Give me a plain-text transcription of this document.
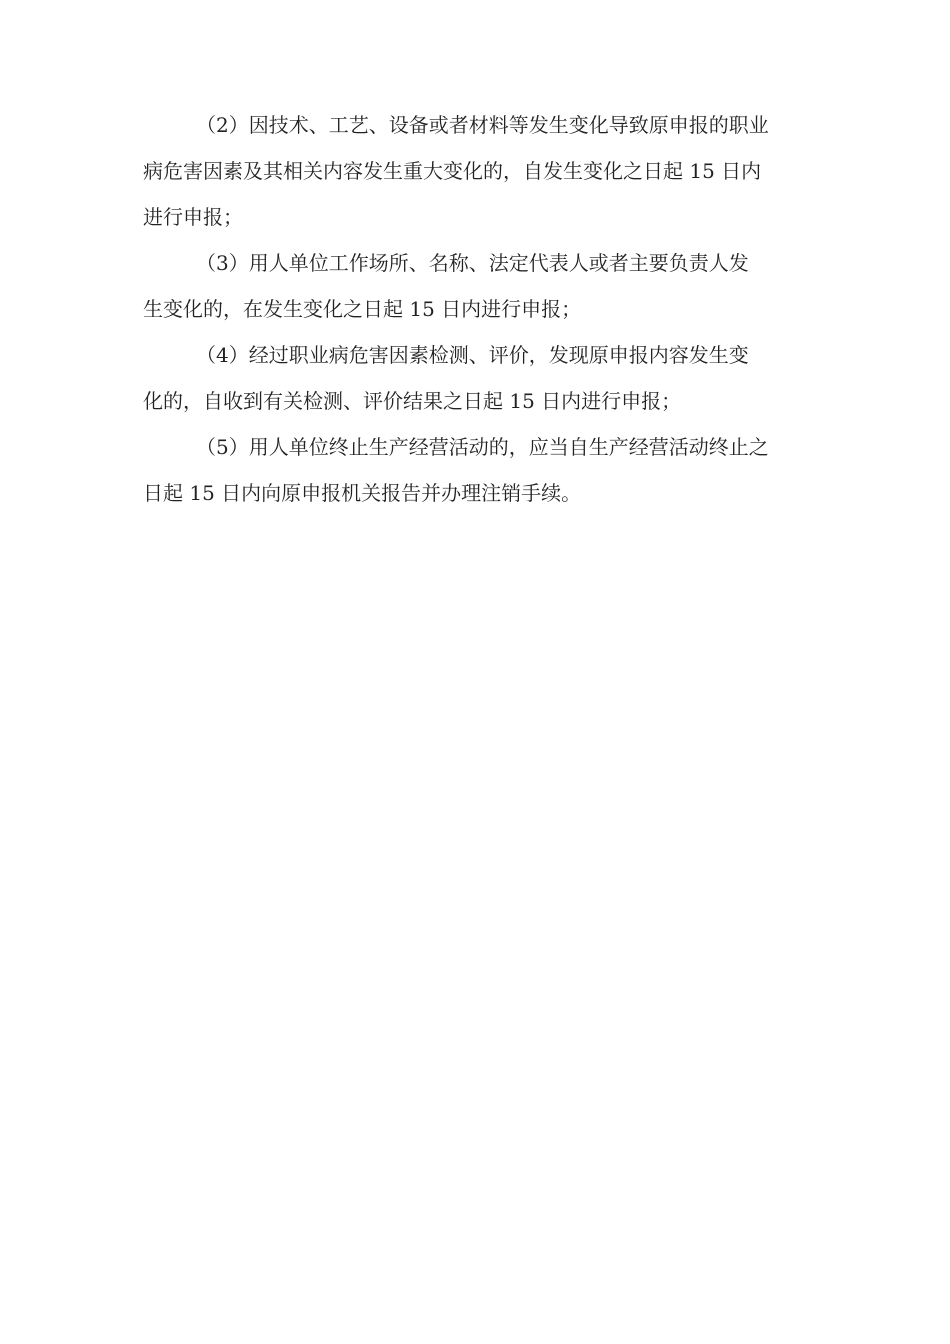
（2）因技术、工艺、设备或者材料等发生变化导致原申报的职业
病危害因素及其相关内容发生重大变化的，自发生变化之日起 15 日内
进行申报；
（3）用人单位工作场所、名称、法定代表人或者主要负责人发
生变化的，在发生变化之日起 15 日内进行申报；
（4）经过职业病危害因素检测、评价，发现原申报内容发生变
化的，自收到有关检测、评价结果之日起 15 日内进行申报；
（5）用人单位终止生产经营活动的，应当自生产经营活动终止之
日起 15 日内向原申报机关报告并办理注销手续。
